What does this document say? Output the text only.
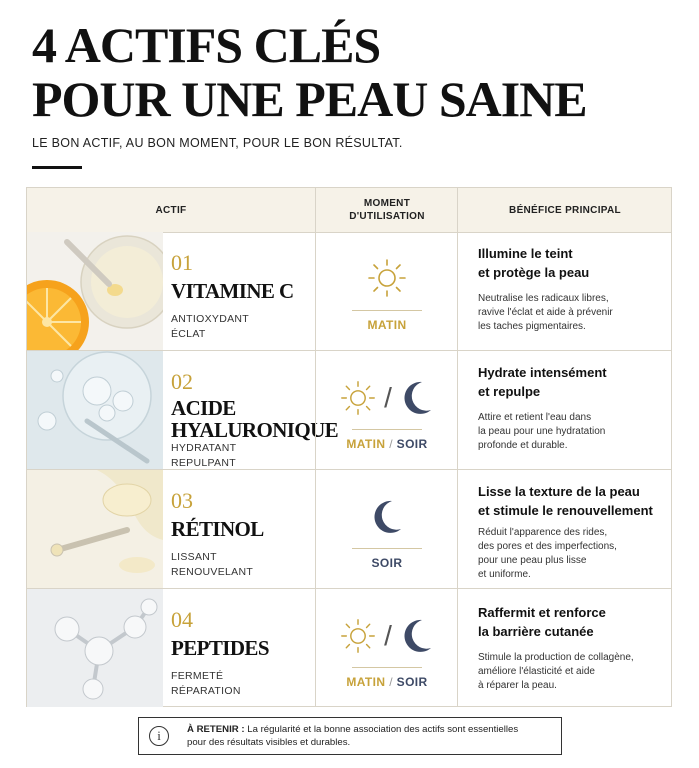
4 ACTIFS CLÉS
POUR UNE PEAU SAINE
LE BON ACTIF, AU BON MOMENT, POUR LE BON RÉSULTAT.
ACTIF
MOMENT
D'UTILISATION
BÉNÉFICE PRINCIPAL
01
VITAMINE C
ANTIOXYDANT
ÉCLAT
MATIN
Illumine le teint
et protège la peau
Neutralise les radicaux libres,
ravive l'éclat et aide à prévenir
les taches pigmentaires.
02
ACIDE
HYALURONIQUE
HYDRATANT
REPULPANT
/
MATIN / SOIR
Hydrate intensément
et repulpe
Attire et retient l'eau dans
la peau pour une hydratation
profonde et durable.
03
RÉTINOL
LISSANT
RENOUVELANT
SOIR
Lisse la texture de la peau
et stimule le renouvellement
Réduit l'apparence des rides,
des pores et des imperfections,
pour une peau plus lisse
et uniforme.
04
PEPTIDES
FERMETÉ
RÉPARATION
/
MATIN / SOIR
Raffermit et renforce
la barrière cutanée
Stimule la production de collagène,
améliore l'élasticité et aide
à réparer la peau.
i	À RETENIR : La régularité et la bonne association des actifs sont essentielles
pour des résultats visibles et durables.
